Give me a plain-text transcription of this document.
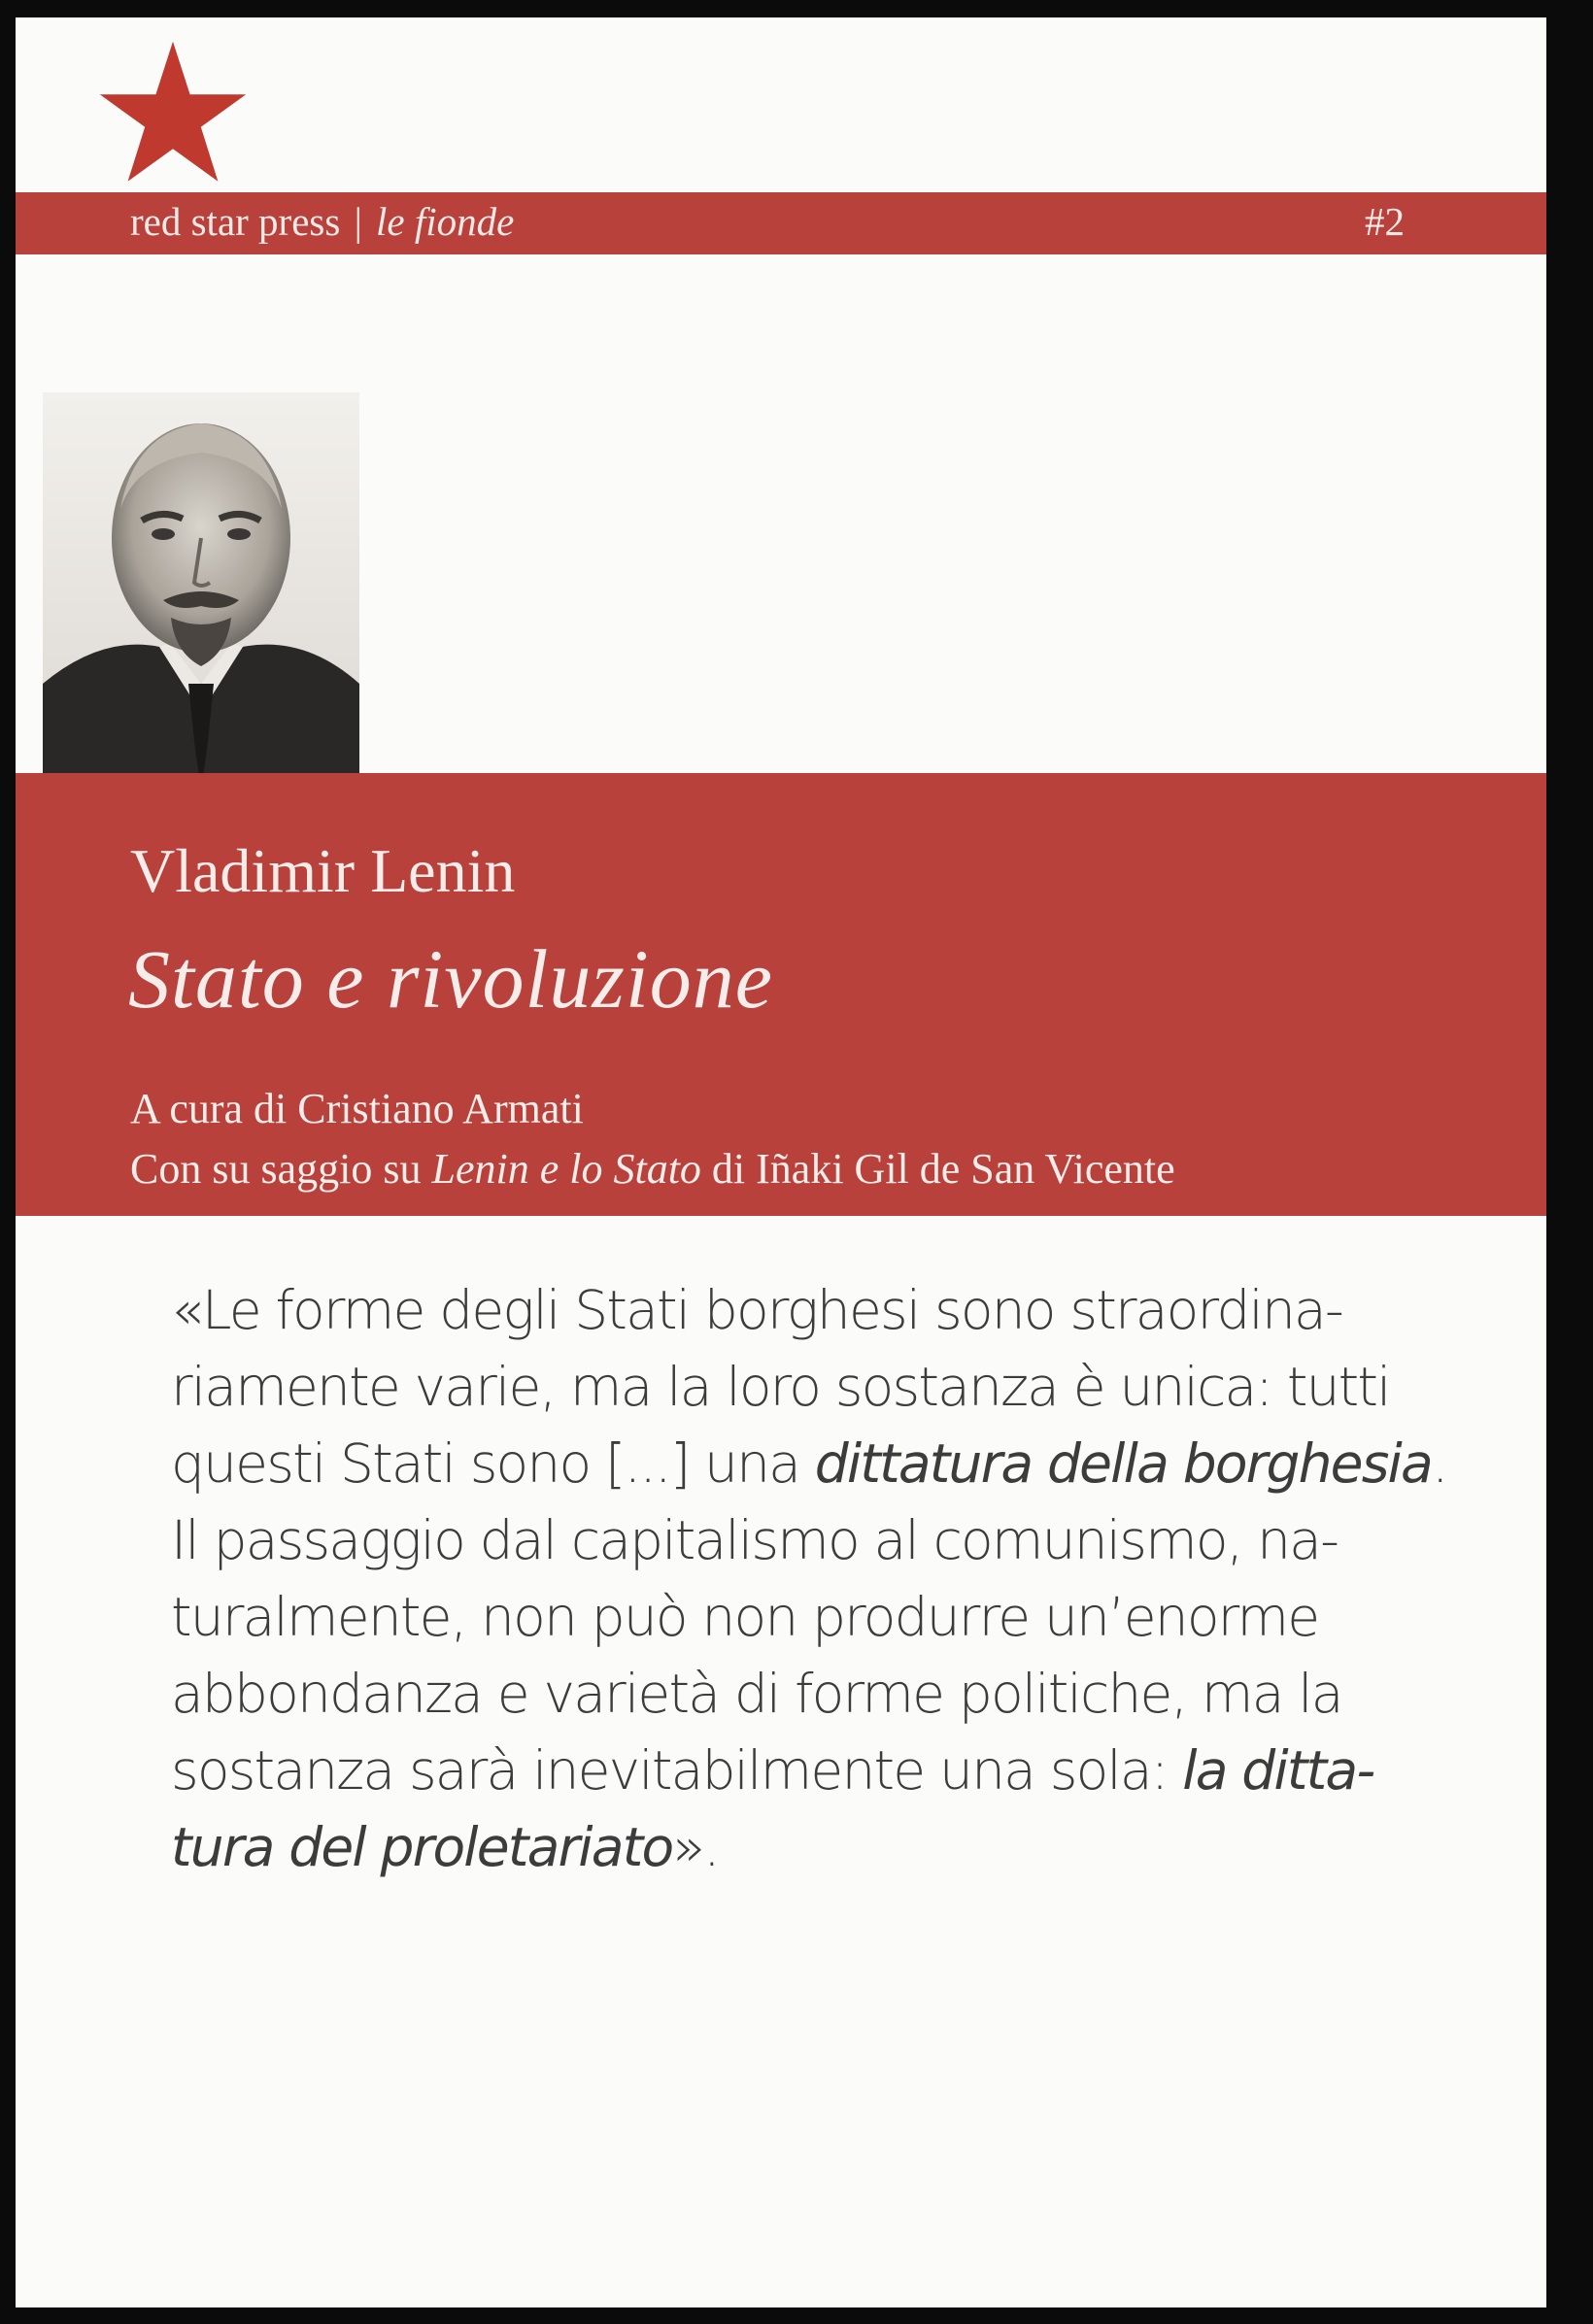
red star press | le fionde	#2
Vladimir Lenin
Stato e rivoluzione
A cura di Cristiano Armati
Con su saggio su Lenin e lo Stato di Iñaki Gil de San Vicente
«Le forme degli Stati borghesi sono straordina-
riamente varie, ma la loro sostanza è unica: tutti
questi Stati sono [...] una dittatura della borghesia.
Il passaggio dal capitalismo al comunismo, na-
turalmente, non può non produrre un’enorme
abbondanza e varietà di forme politiche, ma la
sostanza sarà inevitabilmente una sola: la ditta-
tura del proletariato».
